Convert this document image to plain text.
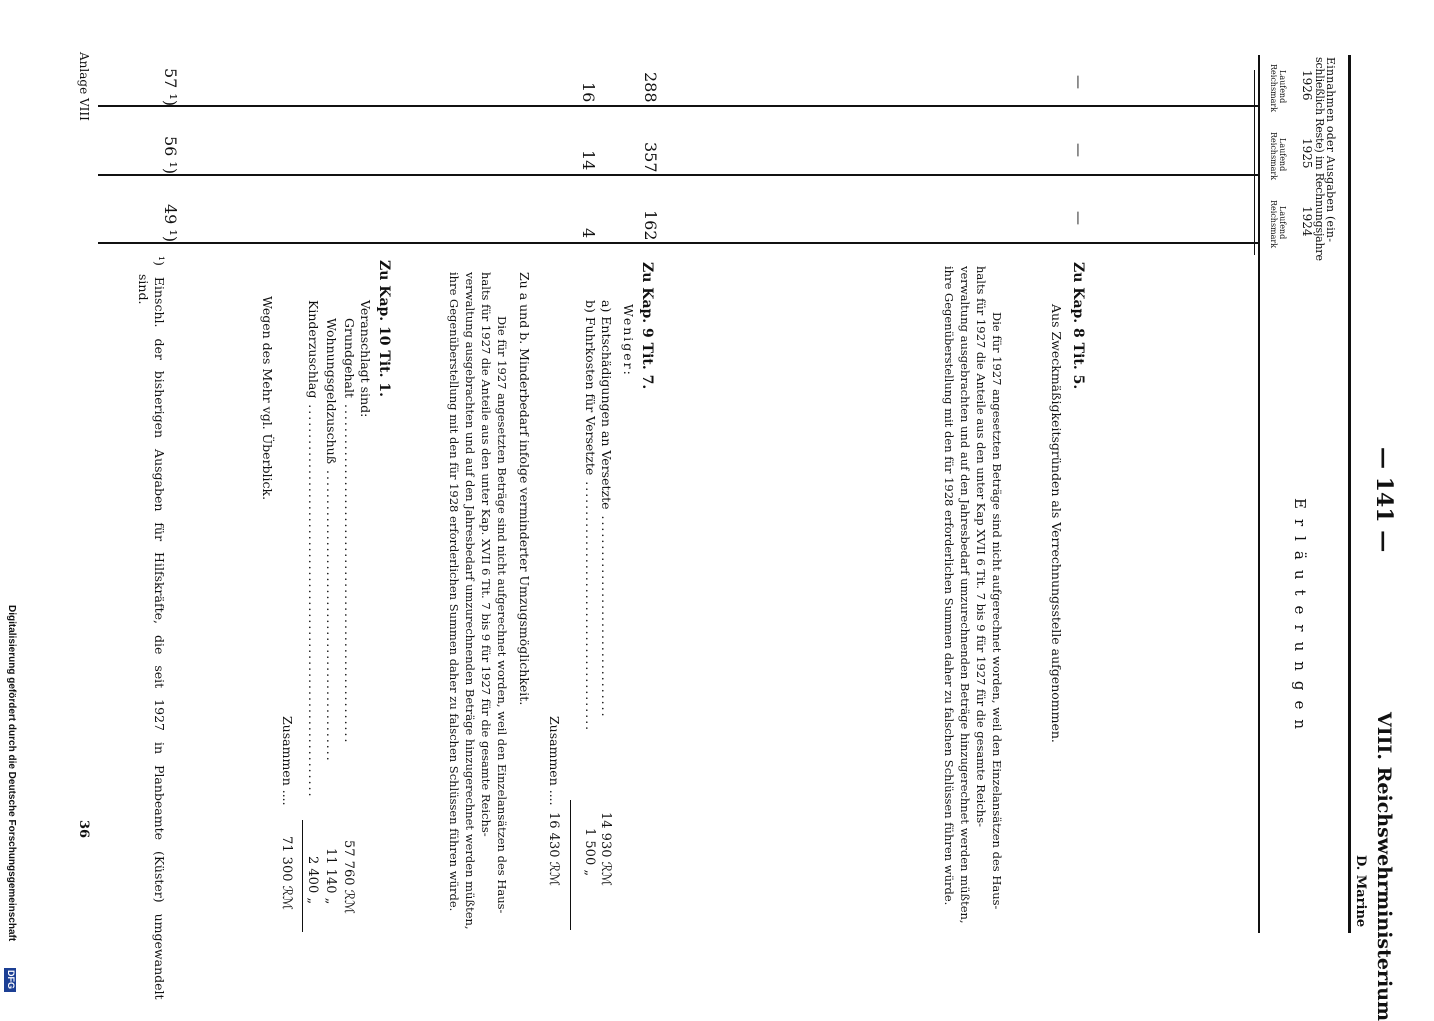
VIII. Reichswehrministerium
D. Marine
— 141 —
Erläuterungen
Einnahmen oder Ausgaben (ein-
schließlich Reste) im Rechnungsjahre
1926
1925
1924
Laufend
Reichsmark
Laufend
Reichsmark
Laufend
Reichsmark
—
—
—
288
357
162
16
14
4
57 ¹)
56 ¹)
49 ¹)
Zu Kap. 8 Tit. 5.
Aus Zweckmäßigkeitsgründen als Verrechnungsstelle aufgenommen.
Die für 1927 angesetzten Beträge sind nicht aufgerechnet worden, weil den Einzelansätzen des Haus-
halts für 1927 die Anteile aus den unter Kap XVII 6 Tit. 7 bis 9 für 1927 für die gesamte Reichs-
verwaltung ausgebrachten und auf den Jahresbedarf umzurechnenden Beträge hinzugerechnet werden müßten,
ihre Gegenüberstellung mit den für 1928 erforderlichen Summen daher zu falschen Schlüssen führen würde.
Zu Kap. 9 Tit. 7.
Weniger:
a) Entschädigungen an Versetzte ..................................
14 930 ℛℳ
b) Fuhrkosten für Versetzte ..........................................
1 500 „
Zusammen ....
16 430 ℛℳ
Zu a und b. Minderbedarf infolge verminderter Umzugsmöglichkeit.
Die für 1927 angesetzten Beträge sind nicht aufgerechnet worden, weil den Einzelansätzen des Haus-
halts für 1927 die Anteile aus den unter Kap. XVII 6 Tit. 7 bis 9 für 1927 für die gesamte Reichs-
verwaltung ausgebrachten und auf den Jahresbedarf umzurechnenden Beträge hinzugerechnet werden müßten,
ihre Gegenüberstellung mit den für 1928 erforderlichen Summen daher zu falschen Schlüssen führen würde.
Zu Kap. 10 Tit. 1.
Veranschlagt sind:
Grundgehalt .........................................................
57 760 ℛℳ
Wohnungsgeldzuschuß .................................................
11 140 „
Kinderzuschlag ..................................................................
2 400 „
Zusammen ....
71 300 ℛℳ
Wegen des Mehr vgl. Überblick.
¹) Einschl. der bisherigen Ausgaben für Hilfskräfte, die seit 1927 in Planbeamte (Küster) umgewandelt
sind.
Anlage VIII
36
Digitalisierung gefördert durch die Deutsche Forschungsgemeinschaft
DFG
